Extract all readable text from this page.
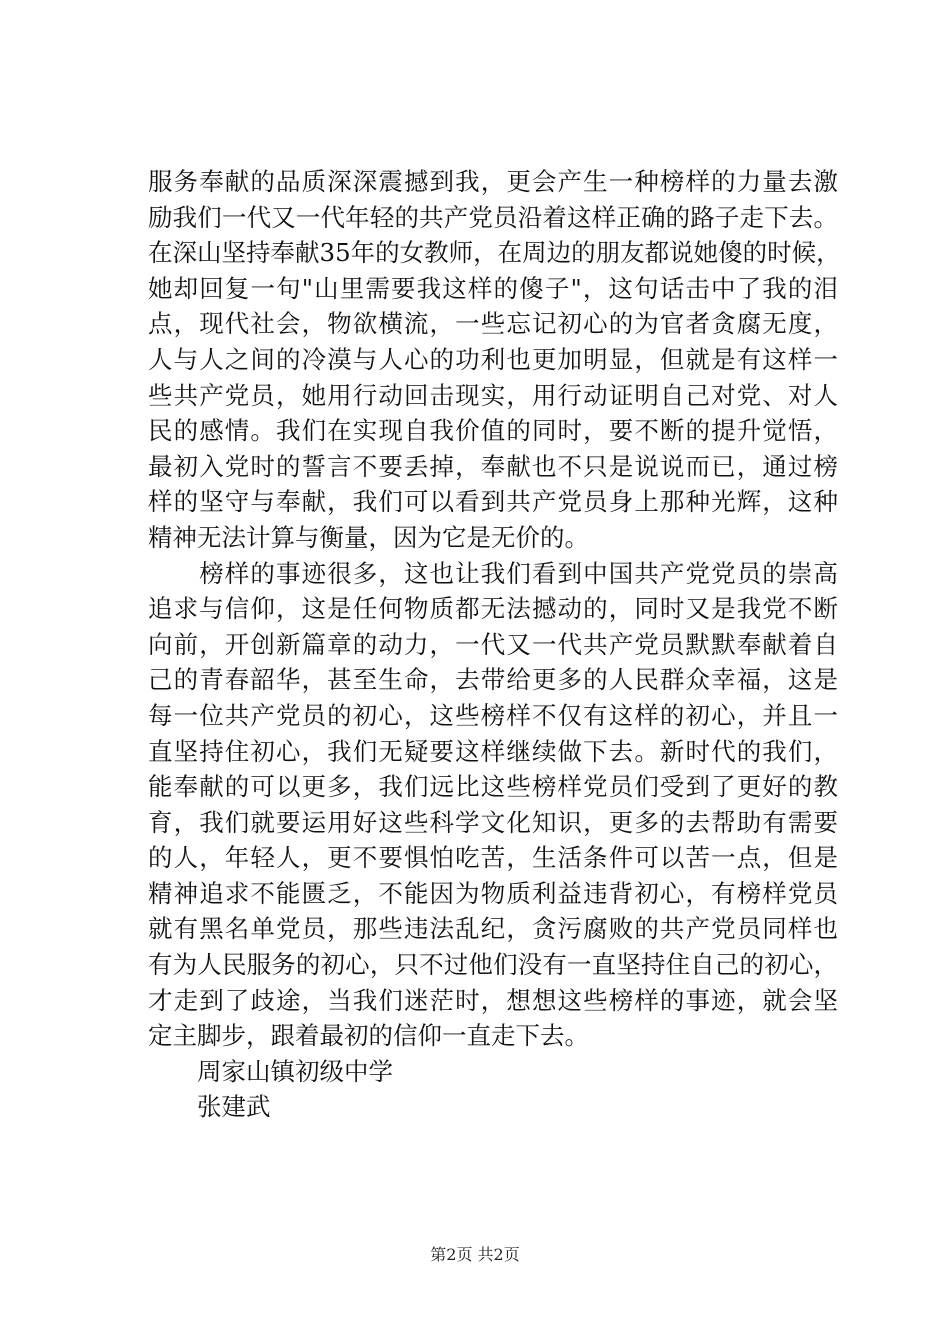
服务奉献的品质深深震撼到我，更会产生一种榜样的力量去激
励我们一代又一代年轻的共产党员沿着这样正确的路子走下去。
在深山坚持奉献35年的女教师，在周边的朋友都说她傻的时候，
她却回复一句"山里需要我这样的傻子"，这句话击中了我的泪
点，现代社会，物欲横流，一些忘记初心的为官者贪腐无度，
人与人之间的冷漠与人心的功利也更加明显，但就是有这样一
些共产党员，她用行动回击现实，用行动证明自己对党、对人
民的感情。我们在实现自我价值的同时，要不断的提升觉悟，
最初入党时的誓言不要丢掉，奉献也不只是说说而已，通过榜
样的坚守与奉献，我们可以看到共产党员身上那种光辉，这种
精神无法计算与衡量，因为它是无价的。
　　榜样的事迹很多，这也让我们看到中国共产党党员的崇高
追求与信仰，这是任何物质都无法撼动的，同时又是我党不断
向前，开创新篇章的动力，一代又一代共产党员默默奉献着自
己的青春韶华，甚至生命，去带给更多的人民群众幸福，这是
每一位共产党员的初心，这些榜样不仅有这样的初心，并且一
直坚持住初心，我们无疑要这样继续做下去。新时代的我们，
能奉献的可以更多，我们远比这些榜样党员们受到了更好的教
育，我们就要运用好这些科学文化知识，更多的去帮助有需要
的人，年轻人，更不要惧怕吃苦，生活条件可以苦一点，但是
精神追求不能匮乏，不能因为物质利益违背初心，有榜样党员
就有黑名单党员，那些违法乱纪，贪污腐败的共产党员同样也
有为人民服务的初心，只不过他们没有一直坚持住自己的初心，
才走到了歧途，当我们迷茫时，想想这些榜样的事迹，就会坚
定主脚步，跟着最初的信仰一直走下去。
周家山镇初级中学
张建武
第2页 共2页
